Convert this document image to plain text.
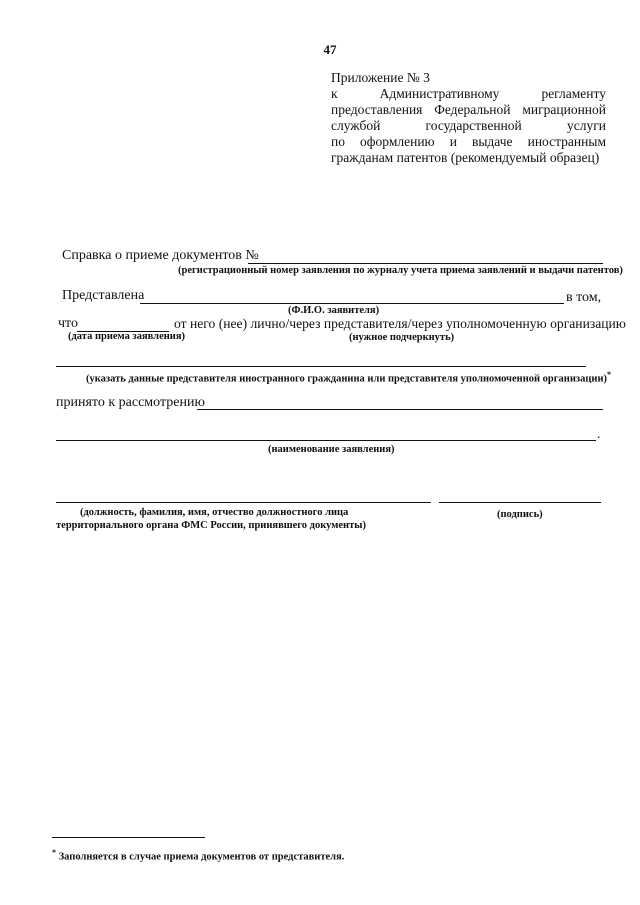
47
Приложение № 3
к Административному регламенту
предоставления Федеральной миграционной
службой государственной услуги
по оформлению и выдаче иностранным
гражданам патентов (рекомендуемый образец)
Справка о приеме документов №
(регистрационный номер заявления по журналу учета приема заявлений и выдачи патентов)
Представлена	в том,
(Ф.И.О. заявителя)
что	от него (нее) лично/через представителя/через уполномоченную организацию
(дата приема заявления)	(нужное подчеркнуть)
(указать данные представителя иностранного гражданина или представителя уполномоченной организации)*
принято к рассмотрению
.
(наименование заявления)
(должность, фамилия, имя, отчество должностного лица
территориального органа ФМС России, принявшего документы)
(подпись)
* Заполняется в случае приема документов от представителя.
